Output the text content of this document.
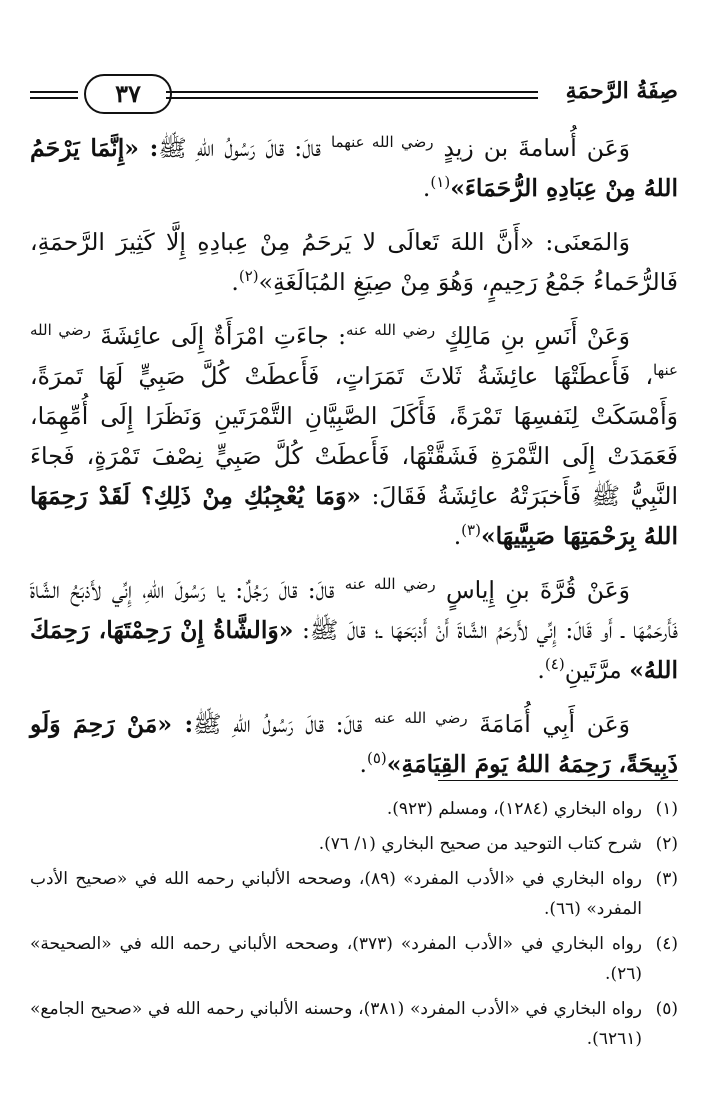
صِفَةُ الرَّحمَةِ
٣٧

وَعَن أُسامةَ بن زيدٍ $^{رضي الله عنهما}$ قالَ: قالَ رَسُولُ اللهِ ﷺ: «إِنَّمَا يَرْحَمُ اللهُ مِنْ عِبَادِهِ الرُّحَمَاءَ»$^{(١)}$.

وَالمَعنَى: «أَنَّ اللهَ تَعالَى لا يَرحَمُ مِنْ عِبادِهِ إِلَّا كَثِيرَ الرَّحمَةِ، فَالرُّحَماءُ جَمْعُ رَحِيمٍ، وَهُوَ مِنْ صِيَغِ المُبَالَغَةِ»$^{(٢)}$.

وَعَنْ أَنَسِ بنِ مَالِكٍ $^{رضي الله عنه}$: جاءَتِ امْرَأَةٌ إِلَى عائِشَةَ $^{رضي الله عنها}$، فَأَعطَتْهَا عائِشَةُ ثَلاثَ تَمَرَاتٍ، فَأَعطَتْ كُلَّ صَبِيٍّ لَهَا تَمرَةً، وَأَمْسَكَتْ لِنَفسِهَا تَمْرَةً، فَأَكَلَ الصَّبِيَّانِ التَّمْرَتَينِ وَنَظَرَا إِلَى أُمِّهِمَا، فَعَمَدَتْ إِلَى التَّمْرَةِ فَشَقَّتْهَا، فَأَعطَتْ كُلَّ صَبِيٍّ نِصْفَ تَمْرَةٍ، فَجاءَ النَّبِيُّ ﷺ فَأَخبَرَتْهُ عائِشَةُ فَقَالَ: «وَمَا يُعْجِبُكِ مِنْ ذَلِكِ؟ لَقَدْ رَحِمَهَا اللهُ بِرَحْمَتِهَا صَبِيَّيهَا»$^{(٣)}$.

وَعَنْ قُرَّةَ بنِ إِياسٍ $^{رضي الله عنه}$ قالَ: قالَ رَجُلٌ: يا رَسُولَ اللهِ، إِنِّي لأَذبَحُ الشَّاةَ فَأَرحَمُهَا ـ أَو قَالَ: إِنِّي لأَرحَمُ الشَّاةَ أَنْ أَذبَحَهَا ـ؛ قالَ ﷺ: «وَالشَّاةُ إِنْ رَحِمْتَهَا، رَحِمَكَ اللهُ» مرَّتَينِ$^{(٤)}$.

وَعَن أَبِي أُمَامَةَ $^{رضي الله عنه}$ قالَ: قالَ رَسُولُ اللهِ ﷺ: «مَنْ رَحِمَ وَلَو ذَبِيحَةً، رَحِمَهُ اللهُ يَومَ القِيَامَةِ»$^{(٥)}$.

(١)
رواه البخاري (١٢٨٤)، ومسلم (٩٢٣).
(٢)
شرح كتاب التوحيد من صحيح البخاري (١/ ٧٦).
(٣)
رواه البخاري في «الأدب المفرد» (٨٩)، وصححه الألباني رحمه الله في «صحيح الأدب المفرد» (٦٦).
(٤)
رواه البخاري في «الأدب المفرد» (٣٧٣)، وصححه الألباني رحمه الله في «الصحيحة» (٢٦).
(٥)
رواه البخاري في «الأدب المفرد» (٣٨١)، وحسنه الألباني رحمه الله في «صحيح الجامع» (٦٢٦١).
